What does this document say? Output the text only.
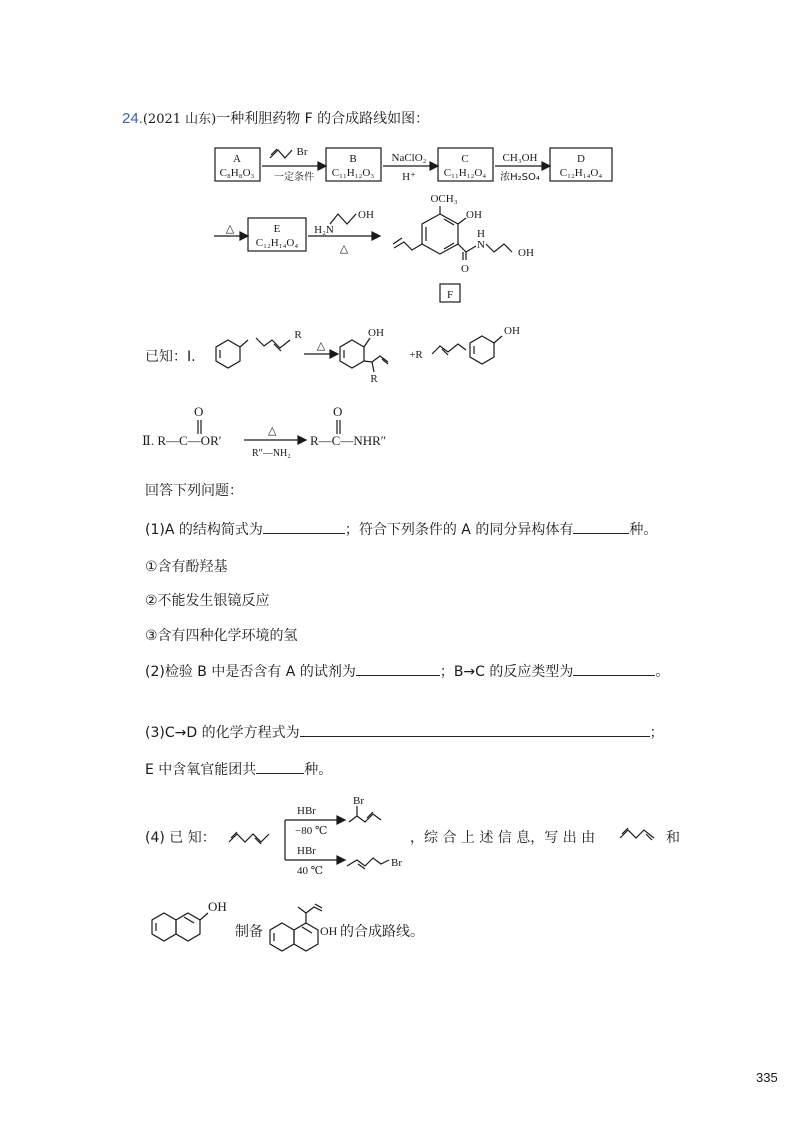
24.(2021 山东)一种利胆药物 F 的合成路线如图：
A
C₈H₈O₃
Br
一定条件
B
C₁₁H₁₂O₃
NaClO₂
H⁺
C
C₁₁H₁₂O₄
CH₃OH
浓H₂SO₄
D
C₁₂H₁₄O₄
△	E
C₁₂H₁₄O₄
H₂N
OH
△
OCH₃
OH
N
H
O
OH
F
已知：Ⅰ.
R
△
OH
R
+R
OH
O
Ⅱ. R—C—OR′
△
R″—NH₂
R—C—NHR″
O
回答下列问题：
(1)A 的结构简式为	；符合下列条件的 A 的同分异构体有	种。
①含有酚羟基
②不能发生银镜反应
③含有四种化学环境的氢
(2)检验 B 中是否含有 A 的试剂为	；B→C 的反应类型为	。
(3)C→D 的化学方程式为	；
E 中含氧官能团共	种。
(4) 已 知：
HBr
−80 ℃
Br
HBr
40 ℃
Br
，综 合 上 述 信 息，写 出 由	和
OH
制备	OH 的合成路线。
335
